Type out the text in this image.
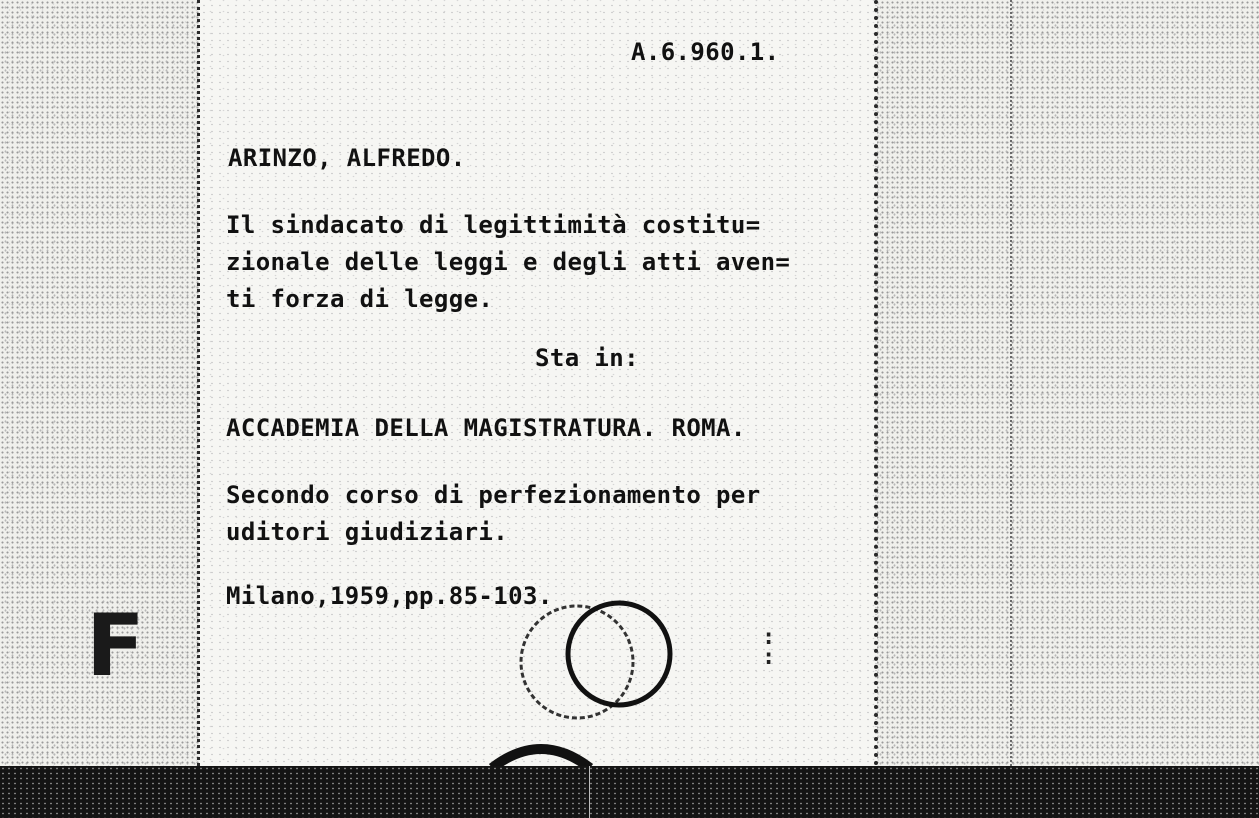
A.6.960.1.

ARINZO, ALFREDO.

Il sindacato di legittimità costitu=
zionale delle leggi e degli atti aven=
ti forza di legge.

Sta in:

ACCADEMIA DELLA MAGISTRATURA. ROMA.

Secondo corso di perfezionamento per
uditori giudiziari.

Milano,1959,pp.85-103.

F	:
:
